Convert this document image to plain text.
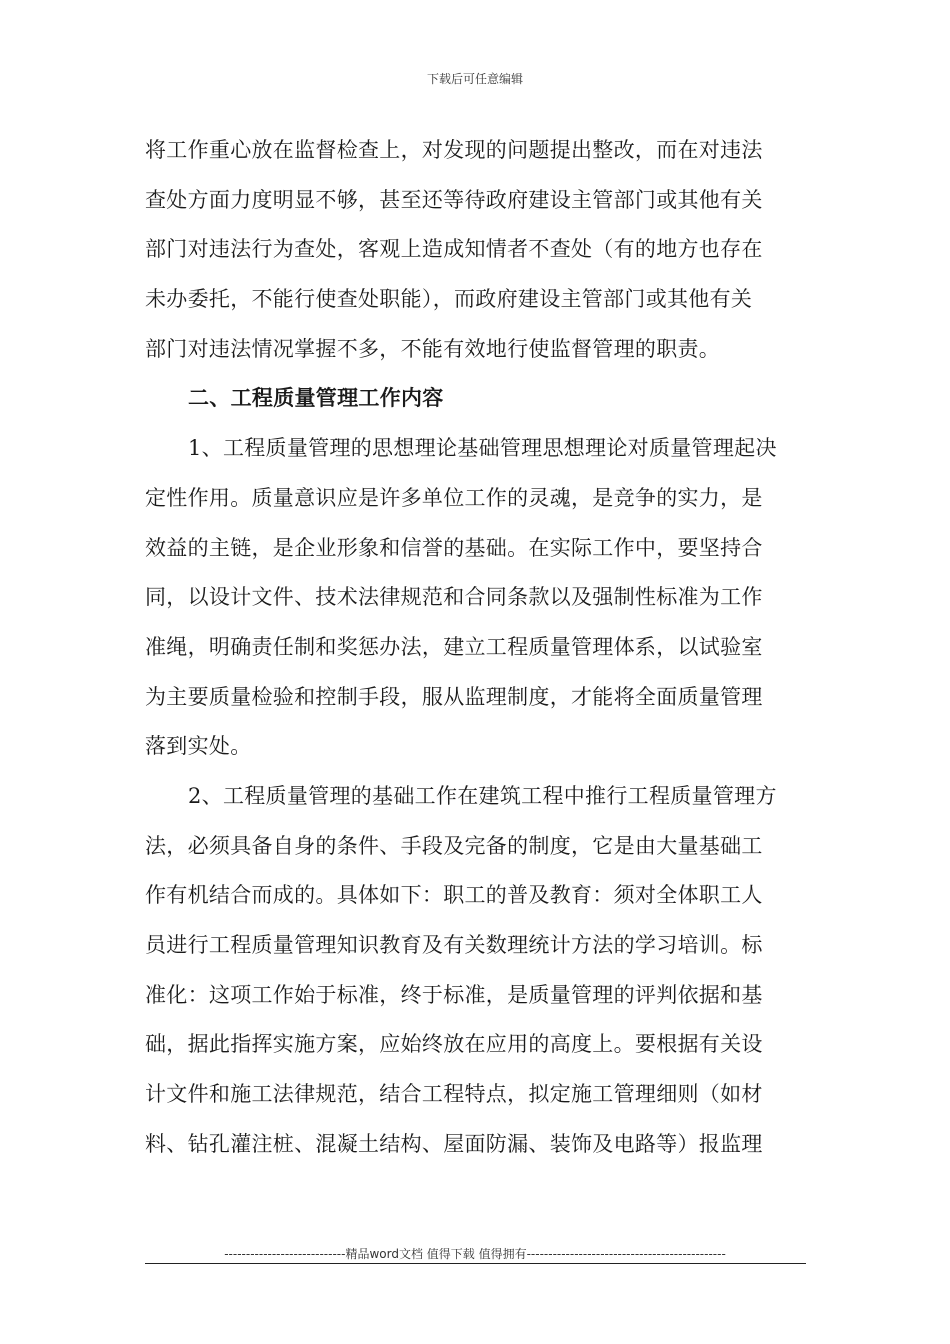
下载后可任意编辑
将工作重心放在监督检查上，对发现的问题提出整改，而在对违法
查处方面力度明显不够，甚至还等待政府建设主管部门或其他有关
部门对违法行为查处，客观上造成知情者不查处（有的地方也存在
未办委托，不能行使查处职能），而政府建设主管部门或其他有关
部门对违法情况掌握不多，不能有效地行使监督管理的职责。
二、工程质量管理工作内容
1、工程质量管理的思想理论基础管理思想理论对质量管理起决
定性作用。质量意识应是许多单位工作的灵魂，是竞争的实力，是
效益的主链，是企业形象和信誉的基础。在实际工作中，要坚持合
同，以设计文件、技术法律规范和合同条款以及强制性标准为工作
准绳，明确责任制和奖惩办法，建立工程质量管理体系，以试验室
为主要质量检验和控制手段，服从监理制度，才能将全面质量管理
落到实处。
2、工程质量管理的基础工作在建筑工程中推行工程质量管理方
法，必须具备自身的条件、手段及完备的制度，它是由大量基础工
作有机结合而成的。具体如下：职工的普及教育：须对全体职工人
员进行工程质量管理知识教育及有关数理统计方法的学习培训。标
准化：这项工作始于标准，终于标准，是质量管理的评判依据和基
础，据此指挥实施方案，应始终放在应用的高度上。要根据有关设
计文件和施工法律规范，结合工程特点，拟定施工管理细则（如材
料、钻孔灌注桩、混凝土结构、屋面防漏、装饰及电路等）报监理
----------------------------精品word文档 值得下载 值得拥有----------------------------------------------
